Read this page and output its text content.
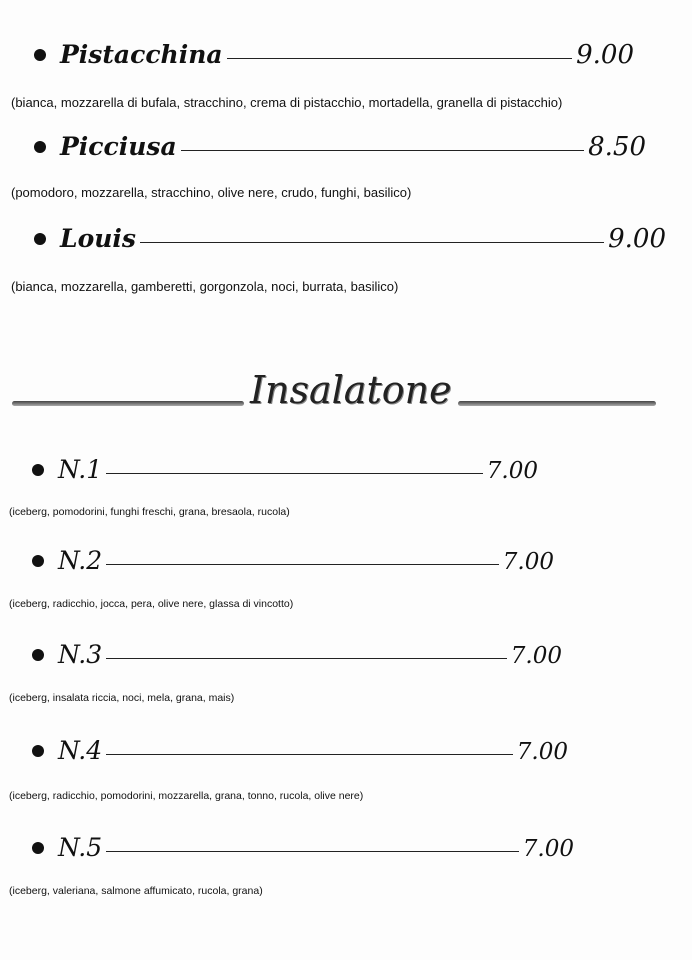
Pistacchina	9.00
(bianca, mozzarella di bufala, stracchino, crema di pistacchio, mortadella, granella di pistacchio)
Picciusa	8.50
(pomodoro, mozzarella, stracchino, olive nere, crudo, funghi, basilico)
Louis	9.00
(bianca, mozzarella, gamberetti, gorgonzola, noci, burrata, basilico)
Insalatone
N.1	7.00
(iceberg, pomodorini, funghi freschi, grana, bresaola, rucola)
N.2	7.00
(iceberg, radicchio, jocca, pera, olive nere, glassa di vincotto)
N.3	7.00
(iceberg, insalata riccia, noci, mela, grana, mais)
N.4	7.00
(iceberg, radicchio, pomodorini, mozzarella, grana, tonno, rucola, olive nere)
N.5	7.00
(iceberg, valeriana, salmone affumicato, rucola, grana)
